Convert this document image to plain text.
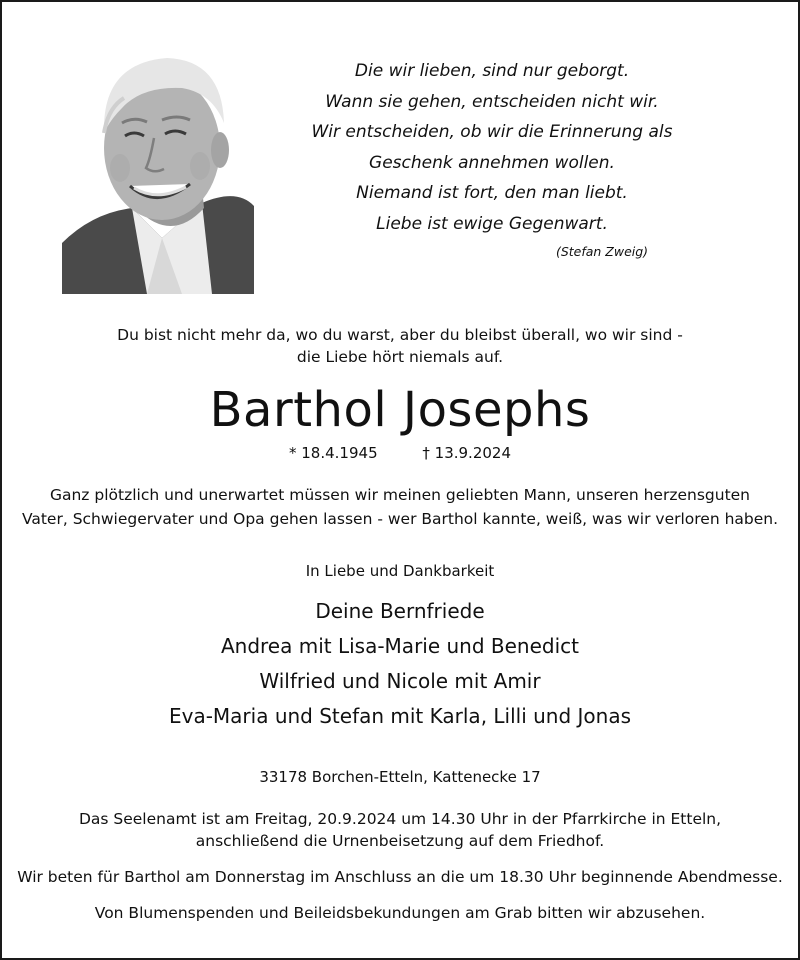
Die wir lieben, sind nur geborgt.
Wann sie gehen, entscheiden nicht wir.
Wir entscheiden, ob wir die Erinnerung als
Geschenk annehmen wollen.
Niemand ist fort, den man liebt.
Liebe ist ewige Gegenwart.
(Stefan Zweig)
Du bist nicht mehr da, wo du warst, aber du bleibst überall, wo wir sind -
die Liebe hört niemals auf.
Barthol Josephs
* 18.4.1945	† 13.9.2024
Ganz plötzlich und unerwartet müssen wir meinen geliebten Mann, unseren herzensguten
Vater, Schwiegervater und Opa gehen lassen - wer Barthol kannte, weiß, was wir verloren haben.
In Liebe und Dankbarkeit
Deine Bernfriede
Andrea mit Lisa-Marie und Benedict
Wilfried und Nicole mit Amir
Eva-Maria und Stefan mit Karla, Lilli und Jonas
33178 Borchen-Etteln, Kattenecke 17
Das Seelenamt ist am Freitag, 20.9.2024 um 14.30 Uhr in der Pfarrkirche in Etteln,
anschließend die Urnenbeisetzung auf dem Friedhof.
Wir beten für Barthol am Donnerstag im Anschluss an die um 18.30 Uhr beginnende Abendmesse.
Von Blumenspenden und Beileidsbekundungen am Grab bitten wir abzusehen.
